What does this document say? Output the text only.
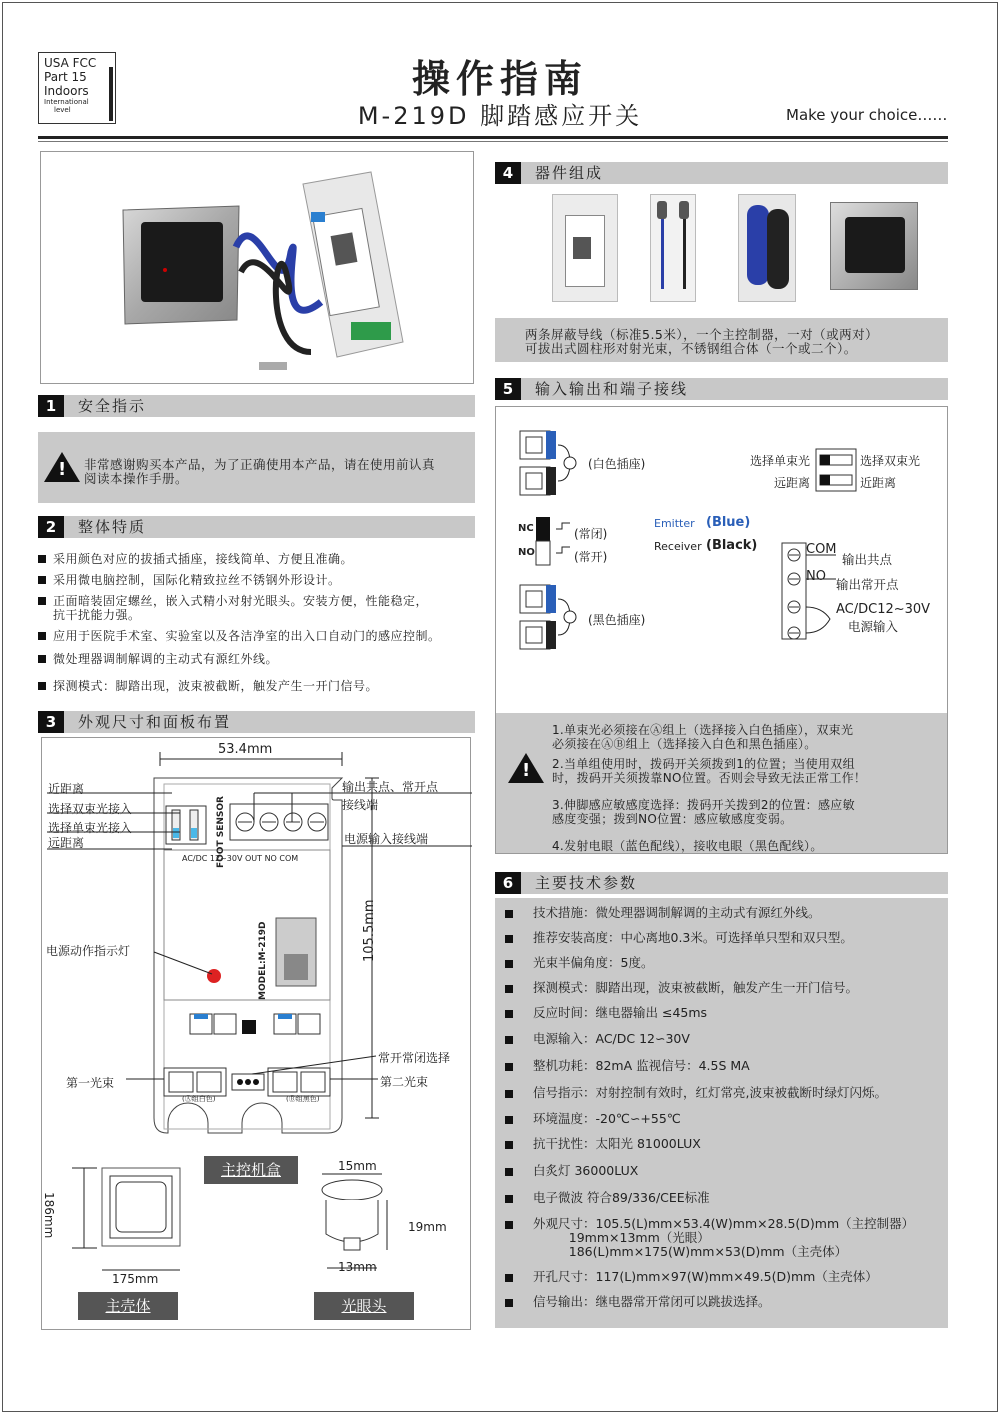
USA FCC
Part 15
Indoors
International
level
操作指南
M-219D 脚踏感应开关	Make your choice……
1	安全指示
! 非常感谢购买本产品，为了正确使用本产品，请在使用前认真
阅读本操作手册。
2	整体特质
采用颜色对应的拔插式插座，接线简单、方便且准确。
采用微电脑控制，国际化精致拉丝不锈钢外形设计。
正面暗装固定螺丝，嵌入式精小对射光眼头。安装方便，性能稳定，
抗干扰能力强。
应用于医院手术室、实验室以及各洁净室的出入口自动门的感应控制。
微处理器调制解调的主动式有源红外线。
探测模式：脚踏出现，波束被截断，触发产生一开门信号。
3	外观尺寸和面板布置
53.4mm
近距离
选择双束光接入
选择单束光接入
远距离
输出共点、常开点
接线端
电源输入接线端
105.5mm
电源动作指示灯
第一光束	第二光束
常开常闭选择
FOOT SENSOR
MODEL:M-219D
AC/DC 12~30V OUT NO COM
(Ⓐ组白色)	(Ⓑ组黑色)
主控机盒
186mm
175mm
主壳体
15mm
19mm
13mm
光眼头
4	器件组成
两条屏蔽导线（标准5.5米），一个主控制器，一对（或两对）
可拔出式圆柱形对射光束，不锈钢组合体（一个或二个）。
5	输入输出和端子接线
(白色插座)
(黑色插座)
NC
NO
(常闭)
(常开)
Emitter (Blue)
Receiver (Black)
选择单束光	选择双束光
远距离	近距离
COM
输出共点
NO
输出常开点
AC/DC12~30V
电源输入
!
1.单束光必须接在Ⓐ组上（选择接入白色插座），双束光
必须接在ⒶⒷ组上（选择接入白色和黑色插座）。
2.当单组使用时，拨码开关须拨到1的位置；当使用双组
时，拨码开关须拨靠NO位置。否则会导致无法正常工作！
3.伸脚感应敏感度选择：拨码开关拨到2的位置：感应敏
感度变强；拨到NO位置：感应敏感度变弱。
4.发射电眼（蓝色配线），接收电眼（黑色配线）。
6	主要技术参数
技术措施：微处理器调制解调的主动式有源红外线。
推荐安装高度：中心离地0.3米。可选择单只型和双只型。
光束半偏角度：5度。
探测模式：脚踏出现，波束被截断，触发产生一开门信号。
反应时间：继电器输出 ≤45ms
电源输入：AC/DC 12∽30V
整机功耗：82mA 监视信号：4.5S MA
信号指示：对射控制有效时，红灯常亮,波束被截断时绿灯闪烁。
环境温度：-20℃∽+55℃
抗干扰性：太阳光 81000LUX
白炙灯 36000LUX
电子微波 符合89/336/CEE标准
外观尺寸：105.5(L)mm×53.4(W)mm×28.5(D)mm（主控制器）
19mm×13mm（光眼）
186(L)mm×175(W)mm×53(D)mm（主壳体）
开孔尺寸：117(L)mm×97(W)mm×49.5(D)mm（主壳体）
信号输出：继电器常开常闭可以跳拔选择。
